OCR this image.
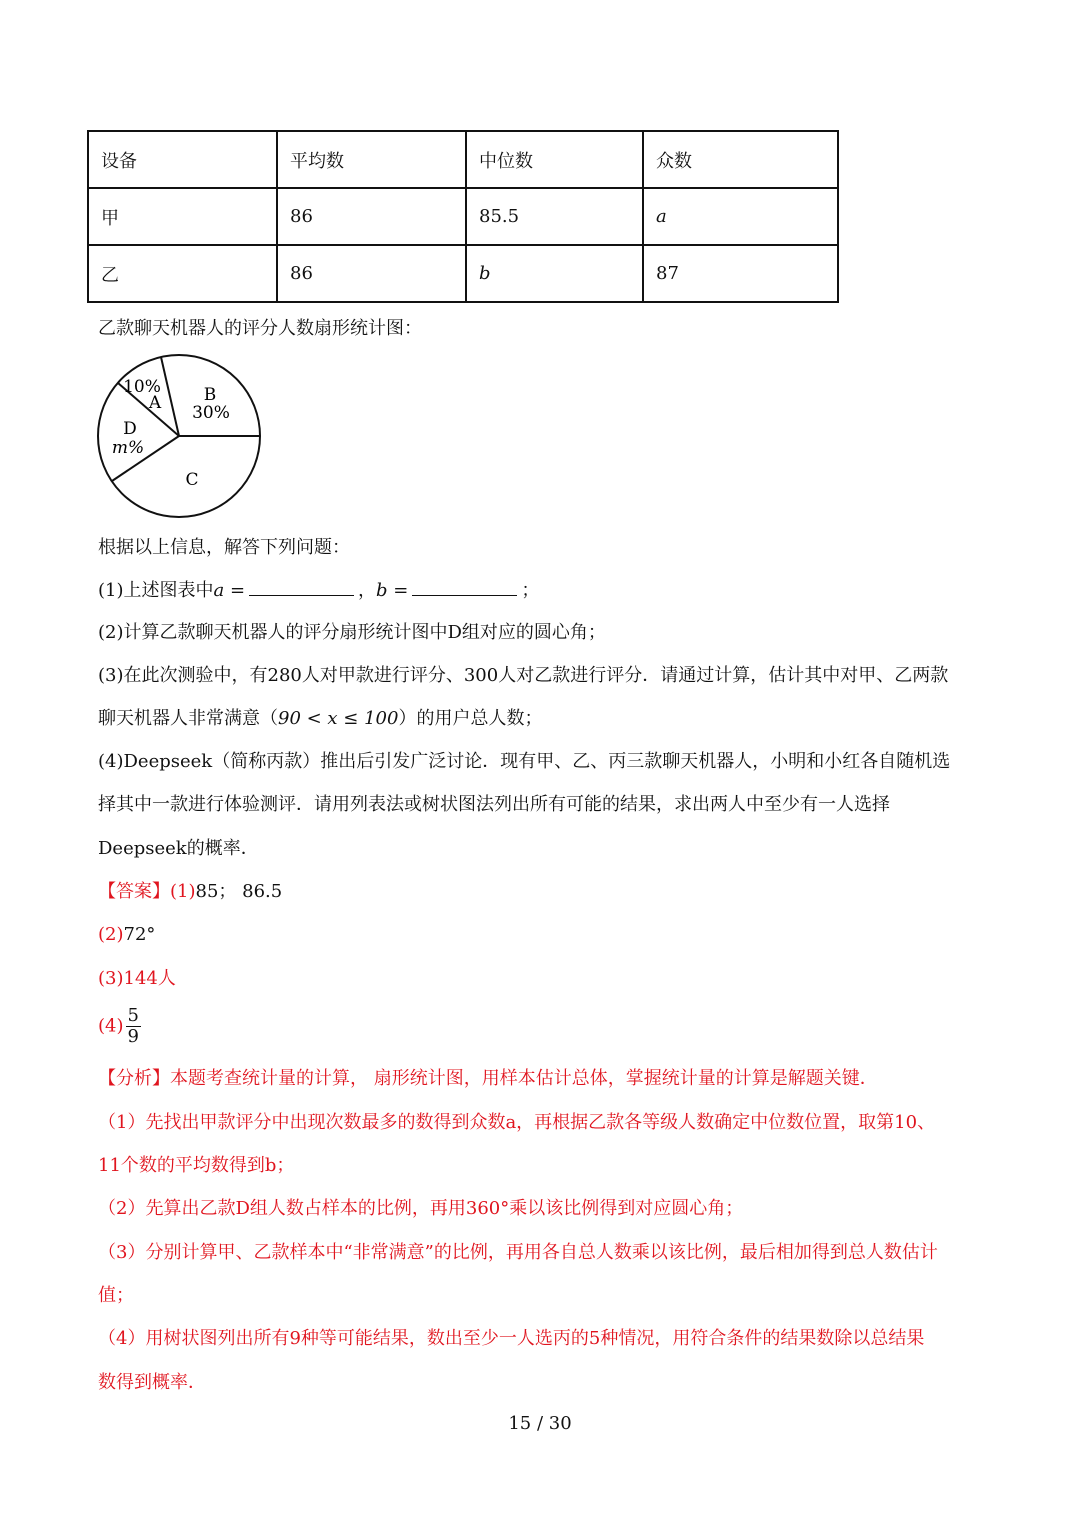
设备	平均数	中位数	众数
甲	86	85.5	a
乙	86	b	87
乙款聊天机器人的评分人数扇形统计图：
10%
A	B
30%
D
m%
C
根据以上信息，解答下列问题：
(1)上述图表中a =	，b =	；
(2)计算乙款聊天机器人的评分扇形统计图中D组对应的圆心角；
(3)在此次测验中，有280人对甲款进行评分、300人对乙款进行评分．请通过计算，估计其中对甲、乙两款
聊天机器人非常满意（90 < x ≤ 100）的用户总人数；
(4)Deepseek（简称丙款）推出后引发广泛讨论．现有甲、乙、丙三款聊天机器人，小明和小红各自随机选
择其中一款进行体验测评．请用列表法或树状图法列出所有可能的结果，求出两人中至少有一人选择
Deepseek的概率．
【答案】(1)85； 86.5
(2)72°
(3)144人
$(4) \frac{5}{9}$
【分析】本题考查统计量的计算， 扇形统计图，用样本估计总体，掌握统计量的计算是解题关键．
（1）先找出甲款评分中出现次数最多的数得到众数a，再根据乙款各等级人数确定中位数位置，取第10、
11个数的平均数得到b；
（2）先算出乙款D组人数占样本的比例，再用360°乘以该比例得到对应圆心角；
（3）分别计算甲、乙款样本中“非常满意”的比例，再用各自总人数乘以该比例，最后相加得到总人数估计
值；
（4）用树状图列出所有9种等可能结果，数出至少一人选丙的5种情况，用符合条件的结果数除以总结果
数得到概率．
15 / 30
